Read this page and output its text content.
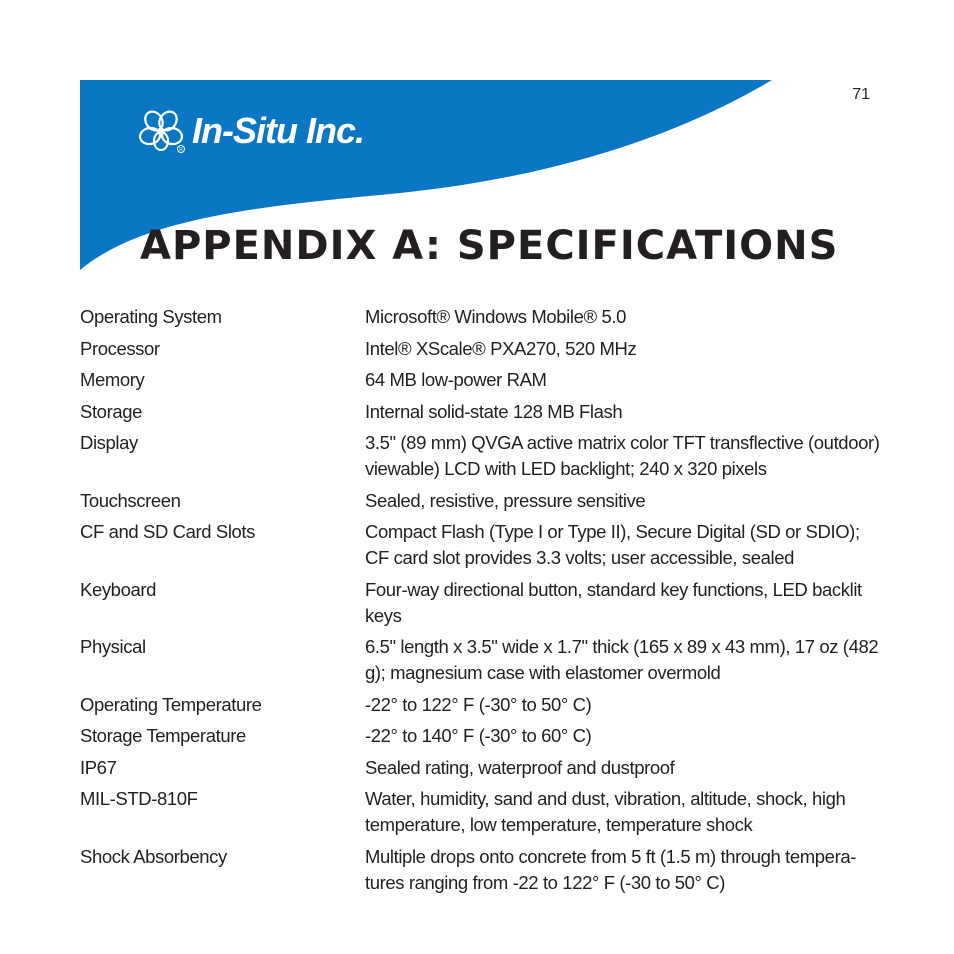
R In-Situ Inc.
71
APPENDIX A: SPECIFICATIONS
Operating System	Microsoft® Windows Mobile® 5.0
Processor	Intel® XScale® PXA270, 520 MHz
Memory	64 MB low-power RAM
Storage	Internal solid-state 128 MB Flash
Display	3.5" (89 mm) QVGA active matrix color TFT transflective (outdoor) viewable) LCD with LED backlight; 240 x 320 pixels
Touchscreen	Sealed, resistive, pressure sensitive
CF and SD Card Slots	Compact Flash (Type I or Type II), Secure Digital (SD or SDIO); CF card slot provides 3.3 volts; user accessible, sealed
Keyboard	Four-way directional button, standard key functions, LED backlit keys
Physical	6.5" length x 3.5" wide x 1.7" thick (165 x 89 x 43 mm), 17 oz (482 g); magnesium case with elastomer overmold
Operating Temperature	-22° to 122° F (-30° to 50° C)
Storage Temperature	-22° to 140° F (-30° to 60° C)
IP67	Sealed rating, waterproof and dustproof
MIL-STD-810F	Water, humidity, sand and dust, vibration, altitude, shock, high temperature, low temperature, temperature shock
Shock Absorbency	Multiple drops onto concrete from 5 ft (1.5 m) through tempera-tures ranging from -22 to 122° F (-30 to 50° C)
